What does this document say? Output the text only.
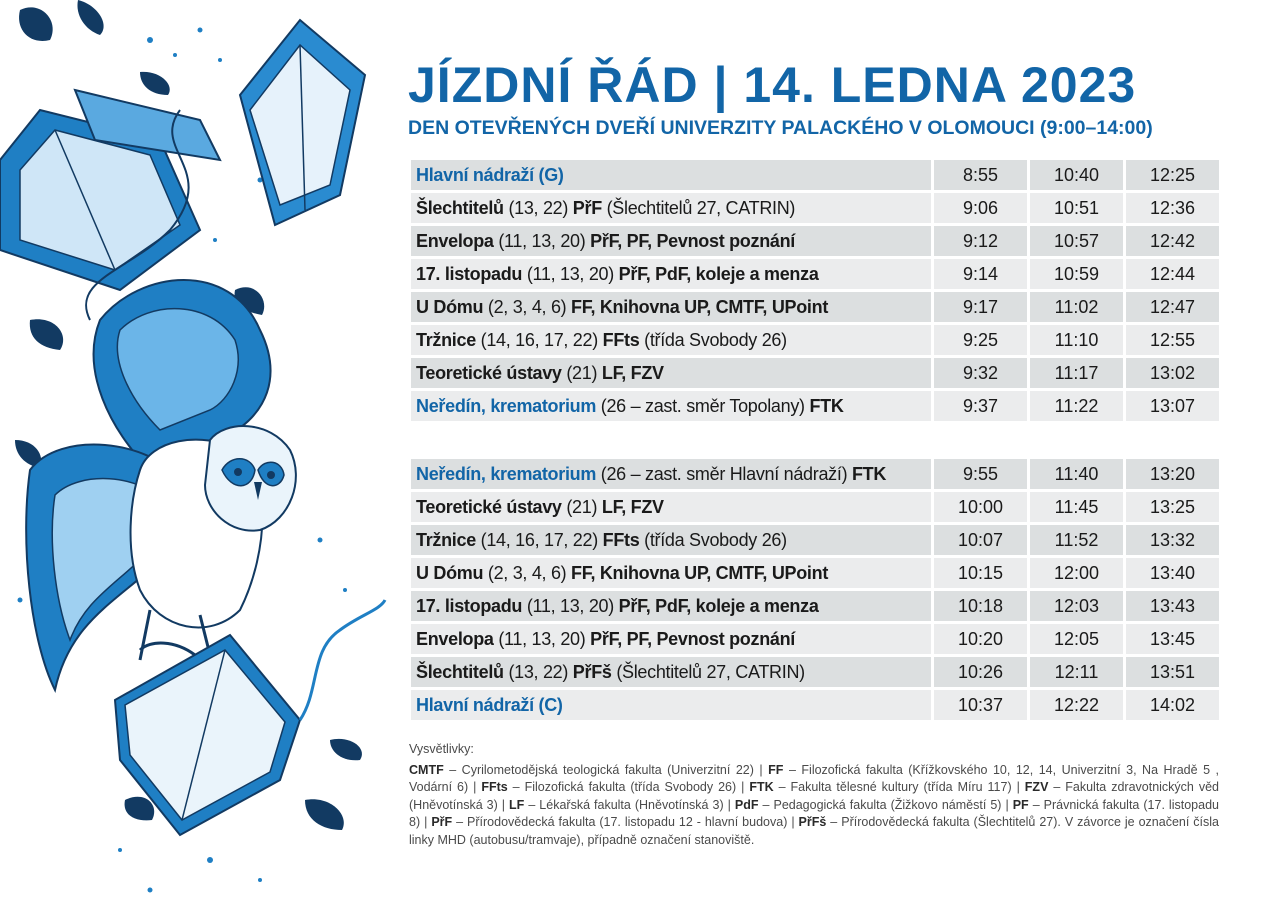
JÍZDNÍ ŘÁD | 14. LEDNA 2023
DEN OTEVŘENÝCH DVEŘÍ UNIVERZITY PALACKÉHO V OLOMOUCI (9:00–14:00)
Hlavní nádraží (G)	8:55	10:40	12:25
Šlechtitelů (13, 22) PřF (Šlechtitelů 27, CATRIN)	9:06	10:51	12:36
Envelopa (11, 13, 20) PřF, PF, Pevnost poznání	9:12	10:57	12:42
17. listopadu (11, 13, 20) PřF, PdF, koleje a menza	9:14	10:59	12:44
U Dómu (2, 3, 4, 6) FF, Knihovna UP, CMTF, UPoint	9:17	11:02	12:47
Tržnice (14, 16, 17, 22) FFts (třída Svobody 26)	9:25	11:10	12:55
Teoretické ústavy (21) LF, FZV	9:32	11:17	13:02
Neředín, krematorium (26 – zast. směr Topolany) FTK	9:37	11:22	13:07
Neředín, krematorium (26 – zast. směr Hlavní nádraží) FTK	9:55	11:40	13:20
Teoretické ústavy (21) LF, FZV	10:00	11:45	13:25
Tržnice (14, 16, 17, 22) FFts (třída Svobody 26)	10:07	11:52	13:32
U Dómu (2, 3, 4, 6) FF, Knihovna UP, CMTF, UPoint	10:15	12:00	13:40
17. listopadu (11, 13, 20) PřF, PdF, koleje a menza	10:18	12:03	13:43
Envelopa (11, 13, 20) PřF, PF, Pevnost poznání	10:20	12:05	13:45
Šlechtitelů (13, 22) PřFš (Šlechtitelů 27, CATRIN)	10:26	12:11	13:51
Hlavní nádraží (C)	10:37	12:22	14:02
Vysvětlivky:
CMTF – Cyrilometodějská teologická fakulta (Univerzitní 22) | FF – Filozofická fakulta (Křížkovského 10, 12, 14, Univerzitní 3, Na Hradě 5 , Vodární 6) | FFts – Filozofická fakulta (třída Svobody 26) | FTK – Fakulta tělesné kultury (třída Míru 117) | FZV – Fakulta zdravotnických věd (Hněvotínská 3) | LF – Lékařská fakulta (Hněvotínská 3) | PdF – Pedagogická fakulta (Žižkovo náměstí 5) | PF – Právnická fakulta (17. listopadu 8) | PřF – Přírodovědecká fakulta (17. listopadu 12 - hlavní budova) | PřFš – Přírodovědecká fakulta (Šlechtitelů 27). V závorce je označení čísla linky MHD (autobusu/tramvaje), případně označení stanoviště.
